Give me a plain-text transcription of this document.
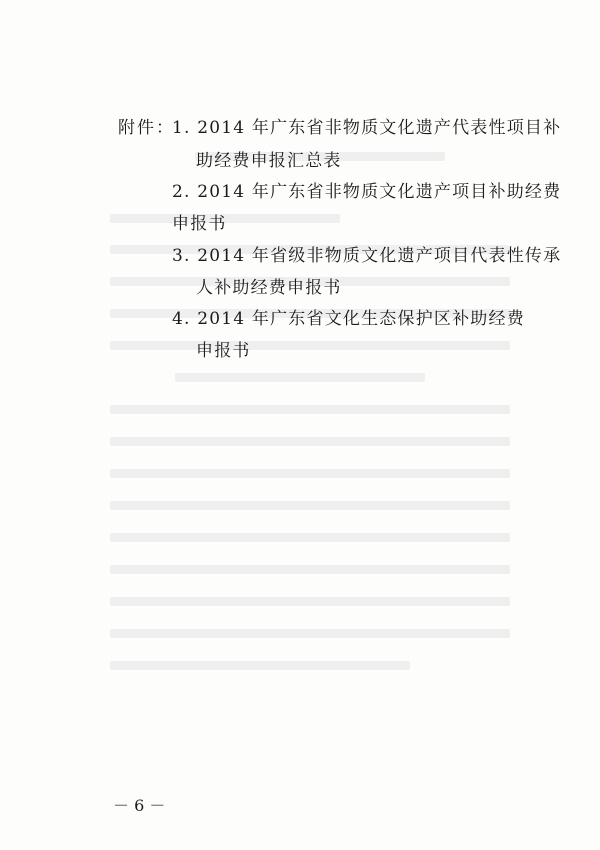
附件：
1. 2014 年广东省非物质文化遗产代表性项目补
助经费申报汇总表
2. 2014 年广东省非物质文化遗产项目补助经费
申报书
3. 2014 年省级非物质文化遗产项目代表性传承
人补助经费申报书
4. 2014 年广东省文化生态保护区补助经费
申报书
－ 6 －
